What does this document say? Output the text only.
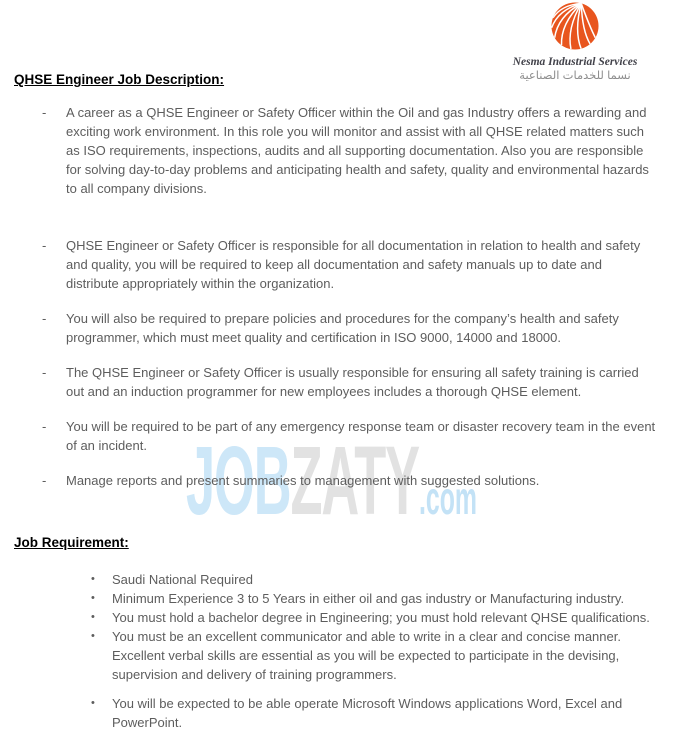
JOB ZATY .com
Nesma Industrial Services
نسما للخدمات الصناعية
QHSE Engineer Job Description:
-	A career as a QHSE Engineer or Safety Officer within the Oil and gas Industry offers a rewarding and exciting work environment. In this role you will monitor and assist with all QHSE related matters such as ISO requirements, inspections, audits and all supporting documentation. Also you are responsible for solving day-to-day problems and anticipating health and safety, quality and environmental hazards to all company divisions.
-	QHSE Engineer or Safety Officer is responsible for all documentation in relation to health and safety and quality, you will be required to keep all documentation and safety manuals up to date and distribute appropriately within the organization.
-	You will also be required to prepare policies and procedures for the company’s health and safety programmer, which must meet quality and certification in ISO 9000, 14000 and 18000.
-	The QHSE Engineer or Safety Officer is usually responsible for ensuring all safety training is carried out and an induction programmer for new employees includes a thorough QHSE element.
-	You will be required to be part of any emergency response team or disaster recovery team in the event of an incident.
-	Manage reports and present summaries to management with suggested solutions.
Job Requirement:
•	Saudi National Required
•	Minimum Experience 3 to 5 Years in either oil and gas industry or Manufacturing industry.
•	You must hold a bachelor degree in Engineering; you must hold relevant QHSE qualifications.
•	You must be an excellent communicator and able to write in a clear and concise manner. Excellent verbal skills are essential as you will be expected to participate in the devising, supervision and delivery of training programmers.
•	You will be expected to be able operate Microsoft Windows applications Word, Excel and PowerPoint.
